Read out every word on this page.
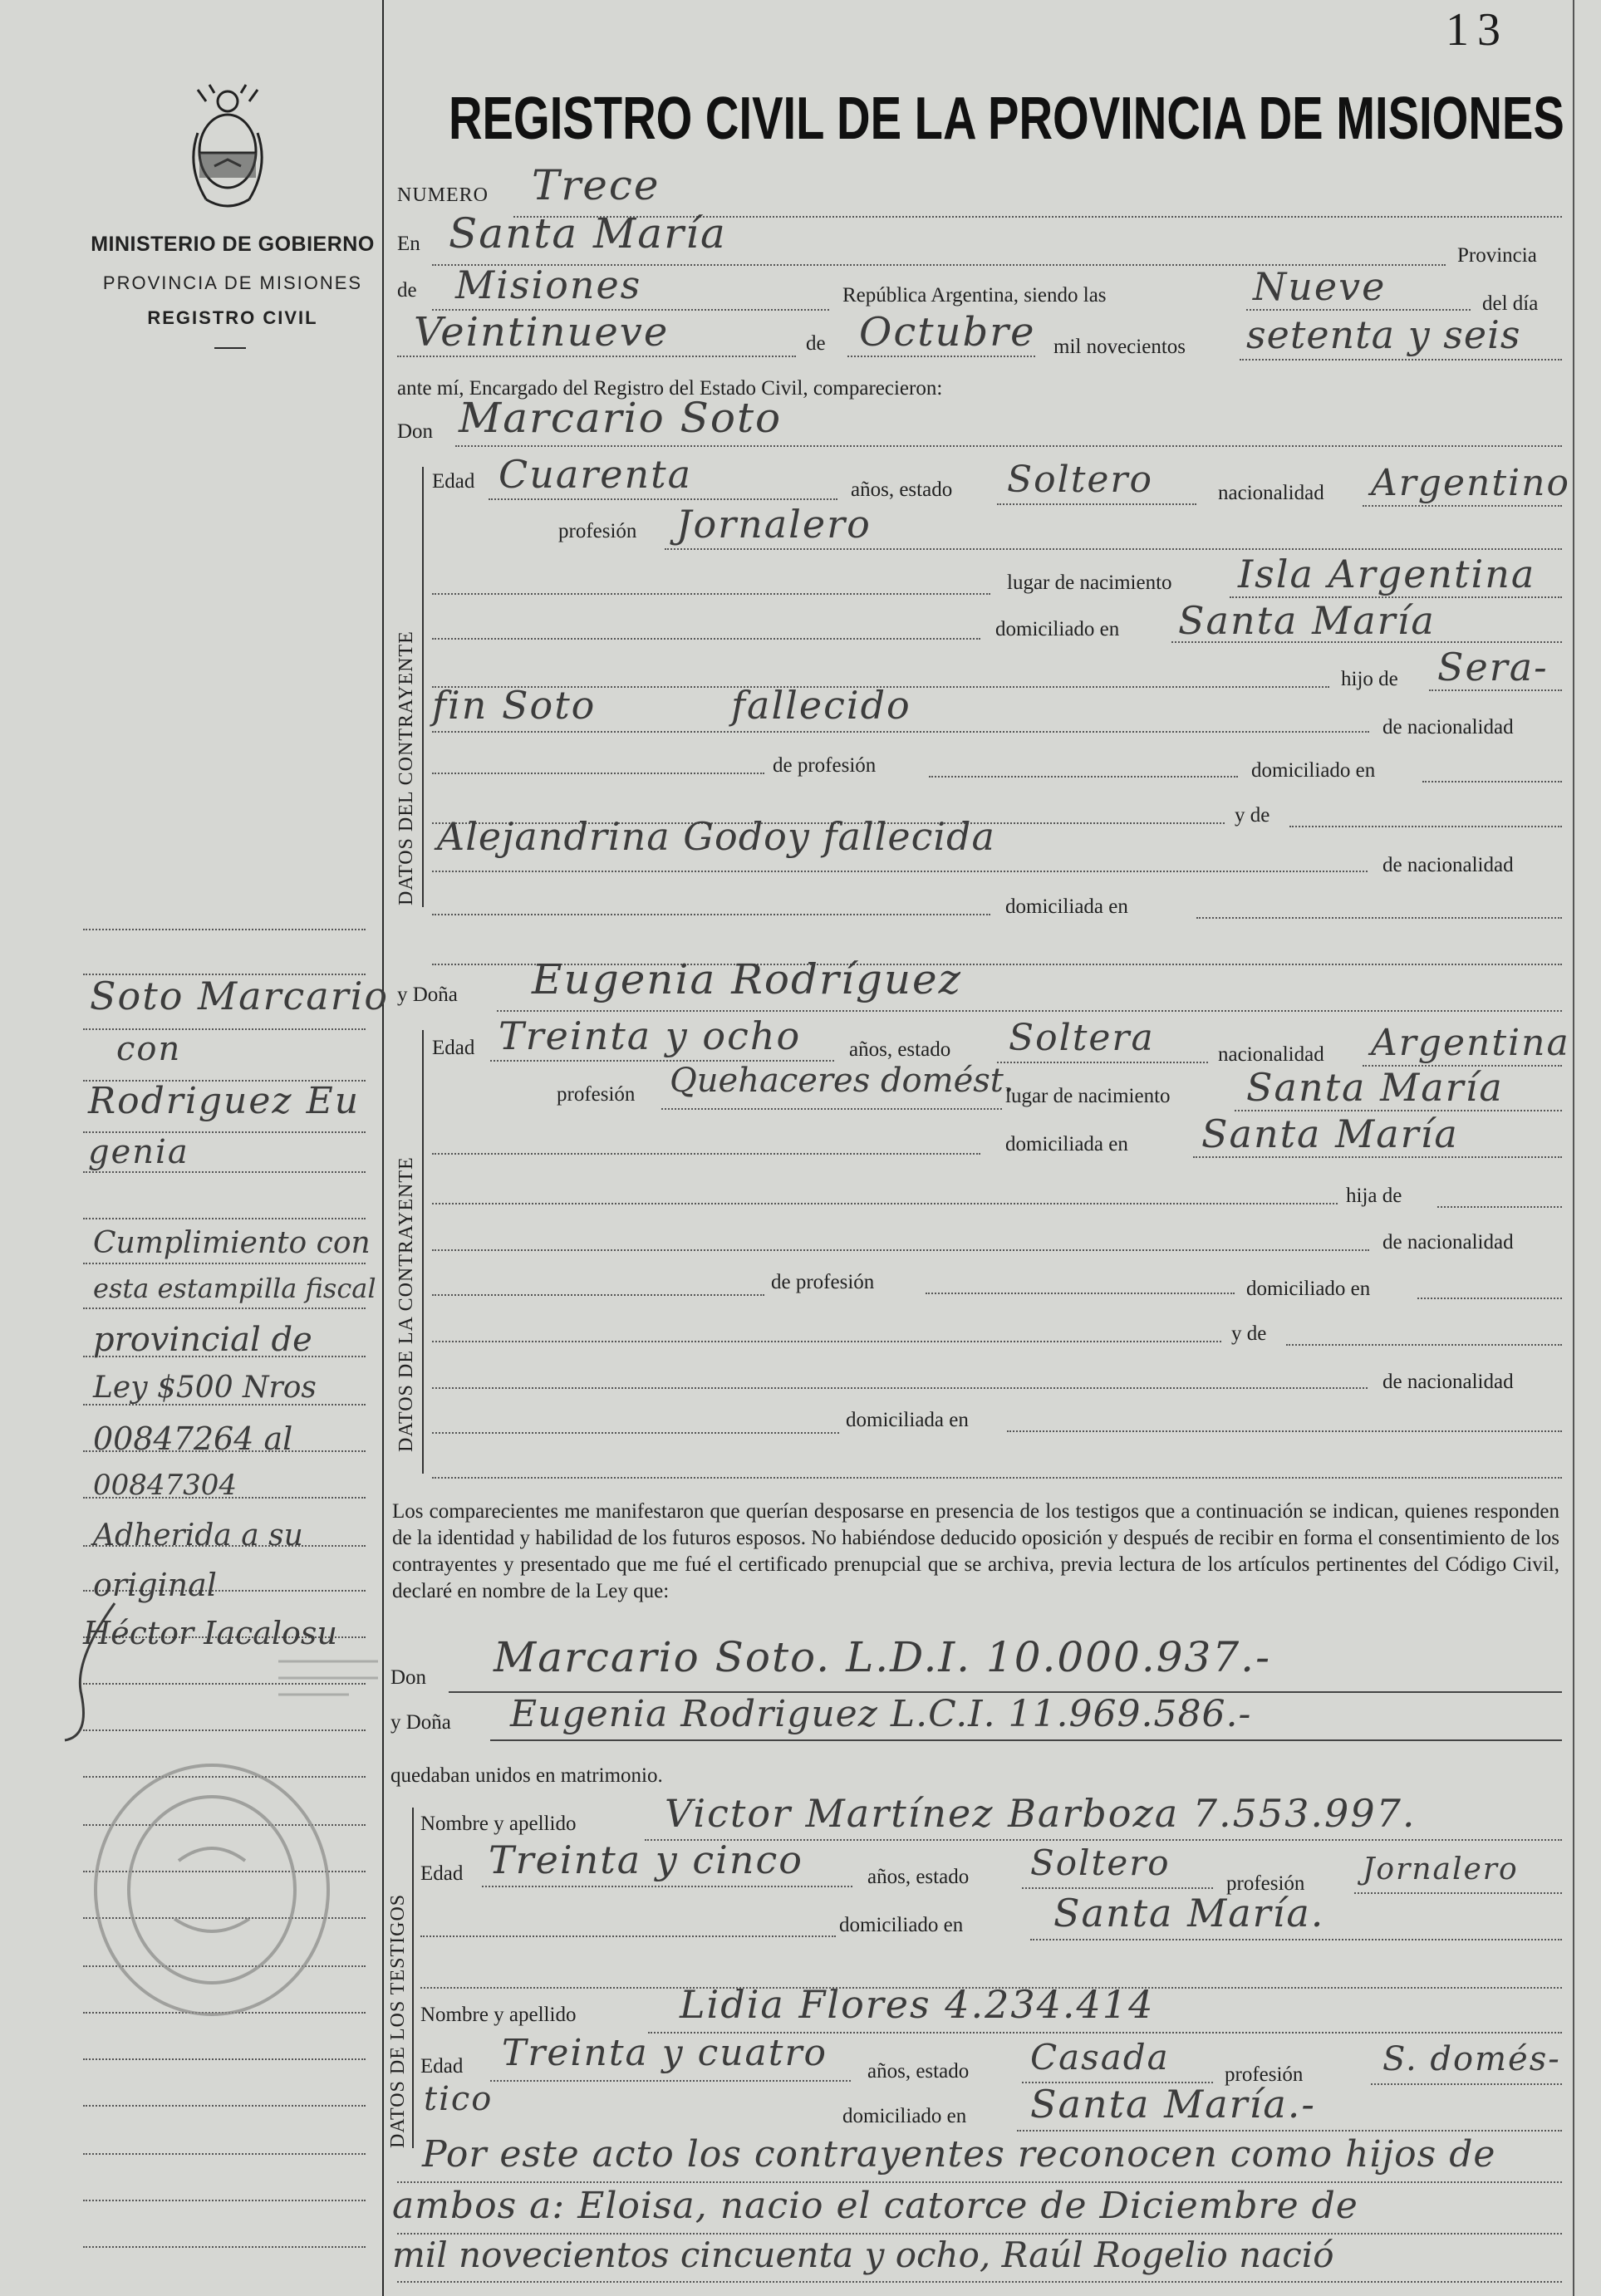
MINISTERIO DE GOBIERNO
PROVINCIA DE MISIONES
REGISTRO CIVIL
Soto Marcario
con
Rodriguez Eu
genia
Cumplimiento con
esta estampilla fiscal
provincial de
Ley $500 Nros
00847264 al
00847304
Adherida a su
original
Héctor Iacalosu
13
REGISTRO CIVIL DE LA PROVINCIA DE MISIONES
NUMERO Trece
En Santa María	Provincia
de Misiones	República Argentina, siendo las	Nueve	del día
Veintinueve	de Octubre mil novecientos setenta y seis
ante mí, Encargado del Registro del Estado Civil, comparecieron:
Don Marcario Soto
DATOS DEL CONTRAYENTE
Edad Cuarenta	años, estado Soltero	nacionalidad Argentino
profesión Jornalero
lugar de nacimiento Isla Argentina
domiciliado en Santa María
hijo de Sera-
fin Soto	fallecido	de nacionalidad
de profesión	domiciliado en
y de
Alejandrina Godoy fallecida
de nacionalidad
domiciliada en
y Doña Eugenia Rodríguez
DATOS DE LA CONTRAYENTE
Edad Treinta y ocho años, estado Soltera	nacionalidad Argentina
profesión Quehaceres domést.
lugar de nacimiento Santa María
domiciliada en Santa María
hija de
de nacionalidad
de profesión	domiciliado en
y de
de nacionalidad
domiciliada en
Los comparecientes me manifestaron que querían desposarse en presencia de los testigos que a continuación se indican, quienes responden de la identidad y habilidad de los futuros esposos. No habiéndose deducido oposición y después de recibir en forma el consentimiento de los contrayentes y presentado que me fué el certificado prenupcial que se archiva, previa lectura de los artículos pertinentes del Código Civil, declaré en nombre de la Ley que:
Don Marcario Soto. L.D.I. 10.000.937.-
y Doña Eugenia Rodriguez L.C.I. 11.969.586.-
quedaban unidos en matrimonio.
DATOS DE LOS TESTIGOS
Nombre y apellido Victor Martínez Barboza 7.553.997.
Edad Treinta y cinco	años, estado Soltero
profesión Jornalero
domiciliado en Santa María.
Nombre y apellido	Lidia Flores 4.234.414
Edad Treinta y cuatro años, estado Casada	profesión S. domés-
tico	domiciliado en Santa María.-
Por este acto los contrayentes reconocen como hijos de
ambos a: Eloisa, nacio el catorce de Diciembre de
mil novecientos cincuenta y ocho, Raúl Rogelio nació
